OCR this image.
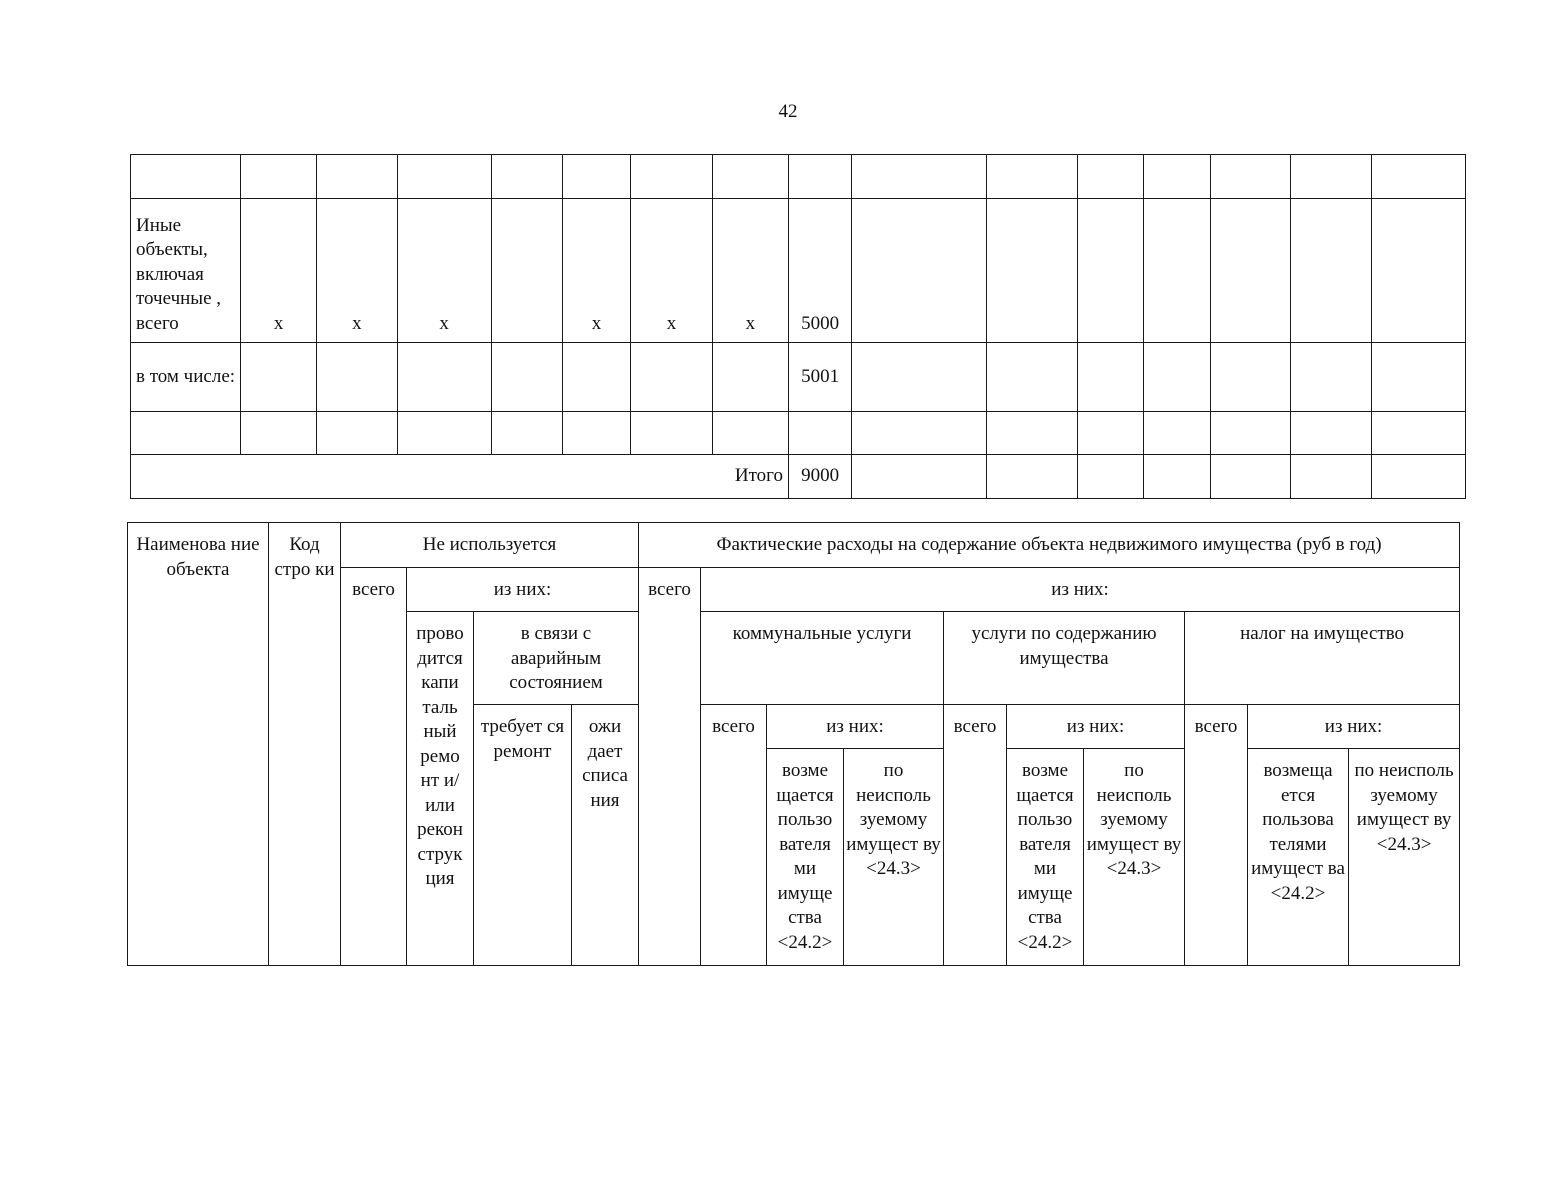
42

Иные объекты, включая точечные , всего	x	x	x		x	x	x	5000							
в том числе:								5001							

Итого								9000							
Наименова ние объекта	Код стро ки	Не используется				Фактические расходы на содержание объекта недвижимого имущества (руб в год)									
		всего	из них:			всего	из них:								
			прово дится капи таль ный ремо нт и/или рекон струк ция	в связи с аварийным состоянием			коммунальные услуги			услуги по содержанию имущества			налог на имущество		
				требует ся ремонт	ожи дает списа ния		всего	из них:		всего	из них:		всего	из них:	
								возме щается пользо вателя ми имуще ства <24.2>	по неисполь зуемому имущест ву <24.3>		возме щается пользо вателя ми имуще ства <24.2>	по неисполь зуемому имущест ву <24.3>		возмеща ется пользова телями имущест ва <24.2>	по неисполь зуемому имущест ву <24.3>
